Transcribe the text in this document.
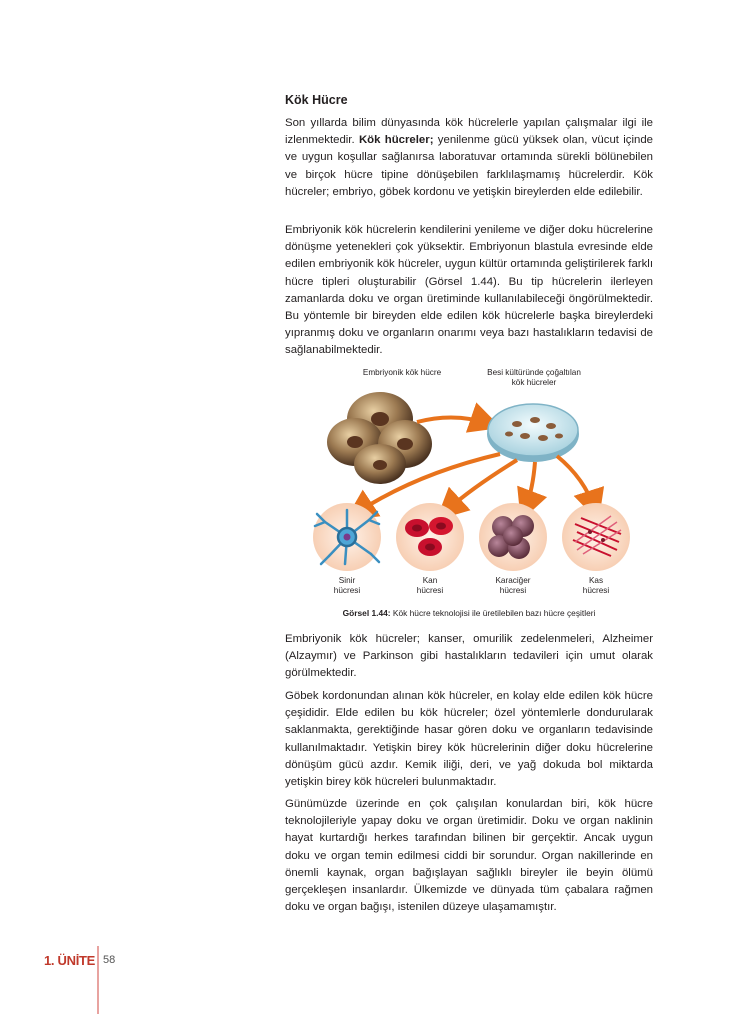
Kök Hücre

Son yıllarda bilim dünyasında kök hücrelerle yapılan çalışmalar ilgi ile izlenmektedir. Kök hücreler; yenilenme gücü yüksek olan, vücut içinde ve uygun koşullar sağlanırsa laboratuvar ortamında sürekli bölünebilen ve birçok hücre tipine dönüşebilen farklılaşmamış hücrelerdir. Kök hücreler; embriyo, göbek kordonu ve yetişkin bireylerden elde edilebilir.

Embriyonik kök hücrelerin kendilerini yenileme ve diğer doku hücrelerine dönüşme yetenekleri çok yüksektir. Embriyonun blastula evresinde elde edilen embriyonik kök hücreler, uygun kültür ortamında geliştirilerek farklı hücre tipleri oluşturabilir (Görsel 1.44). Bu tip hücrelerin ilerleyen zamanlarda doku ve organ üretiminde kullanılabileceği öngörülmektedir. Bu yöntemle bir bireyden elde edilen kök hücrelerle başka bireylerdeki yıpranmış doku ve organların onarımı veya bazı hastalıkların tedavisi de sağlanabilmektedir.

Embriyonik kök hücre	Besi kültüründe çoğaltılan
kök hücreler
Sinir
hücresi
Kan
hücresi
Karaciğer
hücresi
Kas
hücresi
Görsel 1.44: Kök hücre teknolojisi ile üretilebilen bazı hücre çeşitleri

Embriyonik kök hücreler; kanser, omurilik zedelenmeleri, Alzheimer (Alzaymır) ve Parkinson gibi hastalıkların tedavileri için umut olarak görülmektedir.

Göbek kordonundan alınan kök hücreler, en kolay elde edilen kök hücre çeşididir. Elde edilen bu kök hücreler; özel yöntemlerle dondurularak saklanmakta, gerektiğinde hasar gören doku ve organların tedavisinde kullanılmaktadır. Yetişkin birey kök hücrelerinin diğer doku hücrelerine dönüşüm gücü azdır. Kemik iliği, deri, ve yağ dokuda bol miktarda yetişkin birey kök hücreleri bulunmaktadır.

Günümüzde üzerinde en çok çalışılan konulardan biri, kök hücre teknolojileriyle yapay doku ve organ üretimidir. Doku ve organ naklinin hayat kurtardığı herkes tarafından bilinen bir gerçektir. Ancak uygun doku ve organ temin edilmesi ciddi bir sorundur. Organ nakillerinde en önemli kaynak, organ bağışlayan sağlıklı bireyler ile beyin ölümü gerçekleşen insanlardır. Ülkemizde ve dünyada tüm çabalara rağmen doku ve organ bağışı, istenilen düzeye ulaşamamıştır.

1. ÜNİTE 58
